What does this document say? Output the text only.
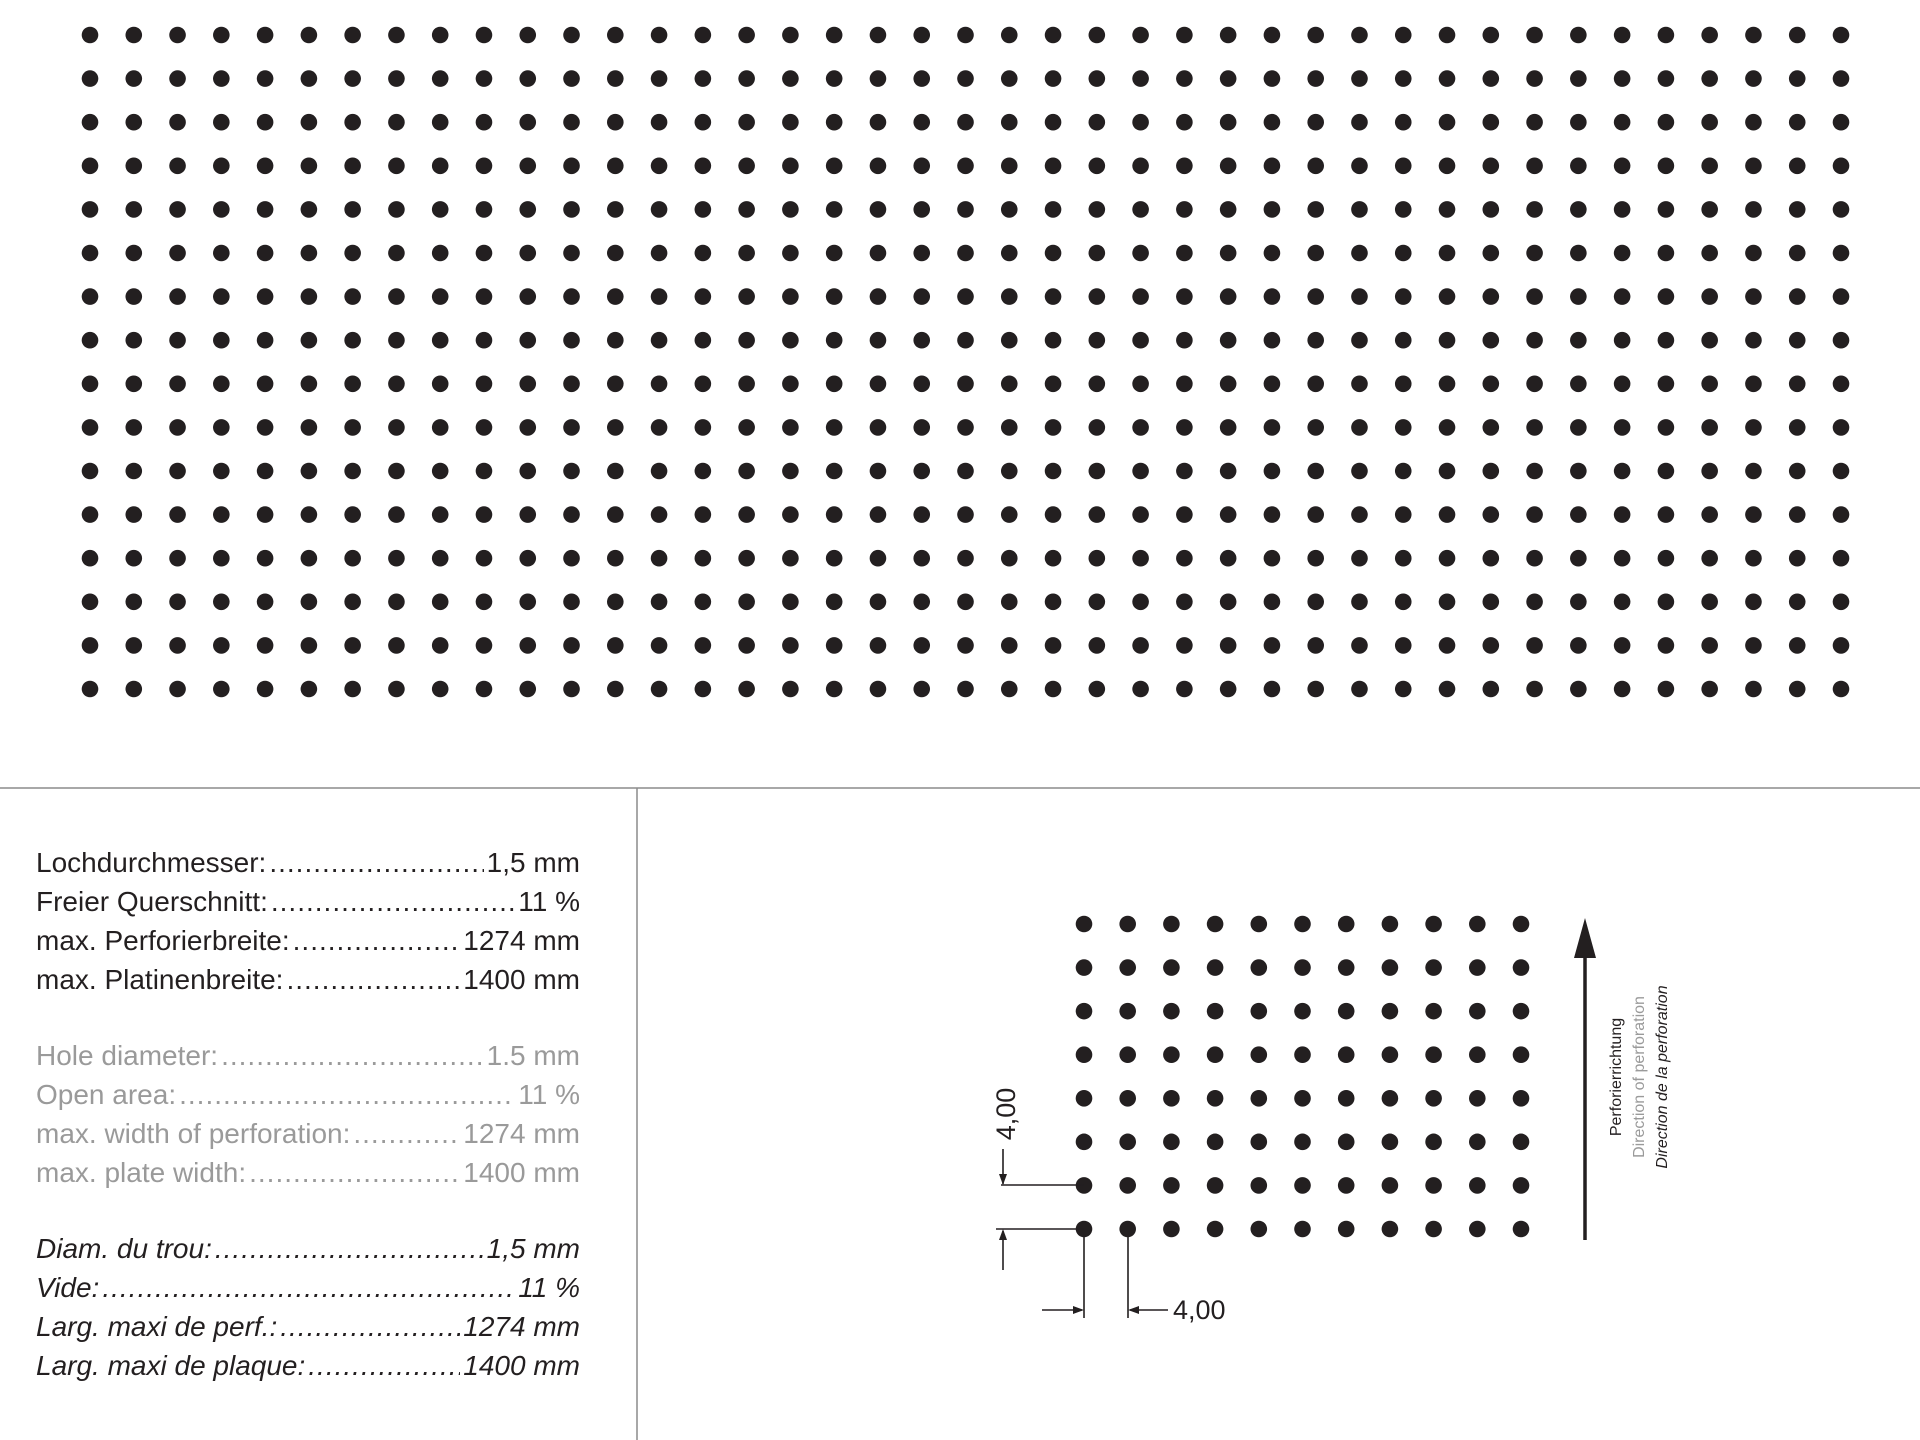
4,00
4,00
Perforierrichtung Direction of perforation Direction de la perforation
Lochdurchmesser: .....	1,5 mm
Freier Querschnitt: .....	11 %
max. Perforierbreite: .....	1274 mm
max. Platinenbreite: .....	1400 mm
Hole diameter: .....	1.5 mm
Open area: .....	11 %
max. width of perforation: .....	1274 mm
max. plate width: .....	1400 mm
Diam. du trou: .....	1,5 mm
Vide: .....	11 %
Larg. maxi de perf.: .....	1274 mm
Larg. maxi de plaque: .....	1400 mm
